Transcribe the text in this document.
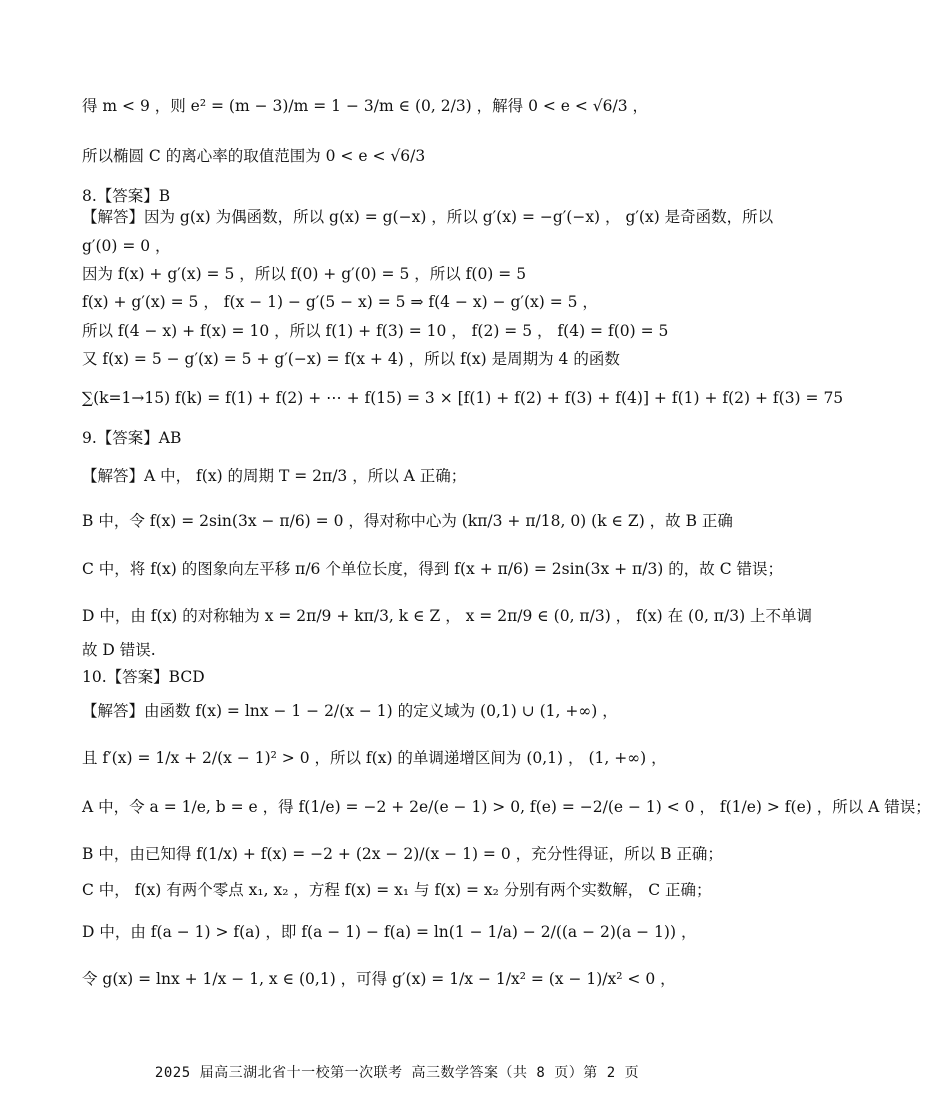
得 m < 9 ，则 e² = (m − 3)/m = 1 − 3/m ∈ (0, 2/3) ，解得 0 < e < √6/3 ，
所以椭圆 C 的离心率的取值范围为 0 < e < √6/3
8.【答案】B
【解答】因为 g(x) 为偶函数，所以 g(x) = g(−x) ，所以 g′(x) = −g′(−x) ， g′(x) 是奇函数，所以
g′(0) = 0 ，
因为 f(x) + g′(x) = 5 ，所以 f(0) + g′(0) = 5 ，所以 f(0) = 5
f(x) + g′(x) = 5 ， f(x − 1) − g′(5 − x) = 5 ⇒ f(4 − x) − g′(x) = 5 ，
所以 f(4 − x) + f(x) = 10 ，所以 f(1) + f(3) = 10 ， f(2) = 5 ， f(4) = f(0) = 5
又 f(x) = 5 − g′(x) = 5 + g′(−x) = f(x + 4) ，所以 f(x) 是周期为 4 的函数
∑(k=1→15) f(k) = f(1) + f(2) + ⋯ + f(15) = 3 × [f(1) + f(2) + f(3) + f(4)] + f(1) + f(2) + f(3) = 75
9.【答案】AB
【解答】A 中， f(x) 的周期 T = 2π/3 ，所以 A 正确；
B 中，令 f(x) = 2sin(3x − π/6) = 0 ，得对称中心为 (kπ/3 + π/18, 0) (k ∈ Z) ，故 B 正确
C 中，将 f(x) 的图象向左平移 π/6 个单位长度，得到 f(x + π/6) = 2sin(3x + π/3) 的，故 C 错误；
D 中，由 f(x) 的对称轴为 x = 2π/9 + kπ/3, k ∈ Z ， x = 2π/9 ∈ (0, π/3) ， f(x) 在 (0, π/3) 上不单调
故 D 错误.
10.【答案】BCD
【解答】由函数 f(x) = lnx − 1 − 2/(x − 1) 的定义域为 (0,1) ∪ (1, +∞) ，
且 f′(x) = 1/x + 2/(x − 1)² > 0 ，所以 f(x) 的单调递增区间为 (0,1) ， (1, +∞) ，
A 中，令 a = 1/e, b = e ，得 f(1/e) = −2 + 2e/(e − 1) > 0, f(e) = −2/(e − 1) < 0 ， f(1/e) > f(e) ，所以 A 错误；
B 中，由已知得 f(1/x) + f(x) = −2 + (2x − 2)/(x − 1) = 0 ，充分性得证，所以 B 正确；
C 中， f(x) 有两个零点 x₁, x₂ ，方程 f(x) = x₁ 与 f(x) = x₂ 分别有两个实数解， C 正确；
D 中，由 f(a − 1) > f(a) ，即 f(a − 1) − f(a) = ln(1 − 1/a) − 2/((a − 2)(a − 1)) ，
令 g(x) = lnx + 1/x − 1, x ∈ (0,1) ，可得 g′(x) = 1/x − 1/x² = (x − 1)/x² < 0 ，
2025 届高三湖北省十一校第一次联考 高三数学答案（共 8 页）第 2 页
